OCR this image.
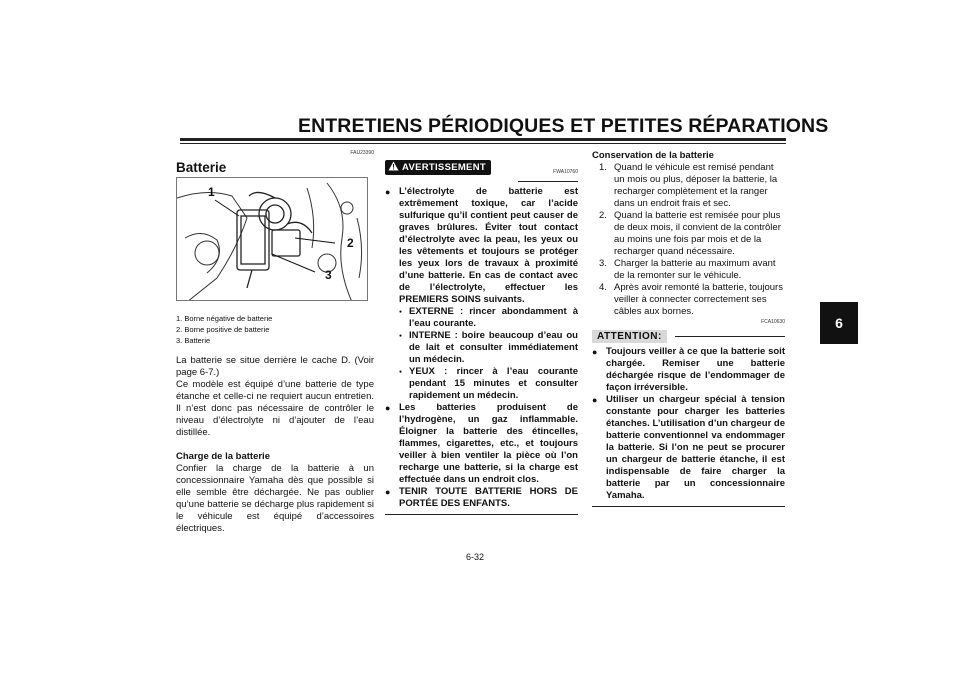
ENTRETIENS PÉRIODIQUES ET PETITES RÉPARATIONS
6
FAU23390
Batterie
1
2
3
1. Borne négative de batterie
2. Borne positive de batterie
3. Batterie
La batterie se situe derrière le cache D. (Voir page 6-7.)
Ce modèle est équipé d’une batterie de type étanche et celle-ci ne requiert aucun entretien. Il n’est donc pas nécessaire de contrôler le niveau d’électrolyte ni d’ajouter de l’eau distillée.
Charge de la batterie
Confier la charge de la batterie à un concessionnaire Yamaha dès que possible si elle semble être déchargée. Ne pas oublier qu’une batterie se décharge plus rapidement si le véhicule est équipé d’accessoires électriques.
AVERTISSEMENT	FWA10760
● L’électrolyte de batterie est extrêmement toxique, car l’acide sulfurique qu’il contient peut causer de graves brûlures. Éviter tout contact d’électrolyte avec la peau, les yeux ou les vêtements et toujours se protéger les yeux lors de travaux à proximité d’une batterie. En cas de contact avec de l’électrolyte, effectuer les PREMIERS SOINS suivants.
● EXTERNE : rincer abondamment à l’eau courante.
● INTERNE : boire beaucoup d’eau ou de lait et consulter immédiatement un médecin.
● YEUX : rincer à l’eau courante pendant 15 minutes et consulter rapidement un médecin.
● Les batteries produisent de l’hydrogène, un gaz inflammable. Éloigner la batterie des étincelles, flammes, cigarettes, etc., et toujours veiller à bien ventiler la pièce où l’on recharge une batterie, si la charge est effectuée dans un endroit clos.
● TENIR TOUTE BATTERIE HORS DE PORTÉE DES ENFANTS.
Conservation de la batterie
1. Quand le véhicule est remisé pendant un mois ou plus, déposer la batterie, la recharger complètement et la ranger dans un endroit frais et sec.
2. Quand la batterie est remisée pour plus de deux mois, il convient de la contrôler au moins une fois par mois et de la recharger quand nécessaire.
3. Charger la batterie au maximum avant de la remonter sur le véhicule.
4. Après avoir remonté la batterie, toujours veiller à connecter correctement ses câbles aux bornes.
FCA10630
ATTENTION:
● Toujours veiller à ce que la batterie soit chargée. Remiser une batterie déchargée risque de l’endommager de façon irréversible.
● Utiliser un chargeur spécial à tension constante pour charger les batteries étanches. L’utilisation d’un chargeur de batterie conventionnel va endommager la batterie. Si l’on ne peut se procurer un chargeur de batterie étanche, il est indispensable de faire charger la batterie par un concessionnaire Yamaha.
6-32
